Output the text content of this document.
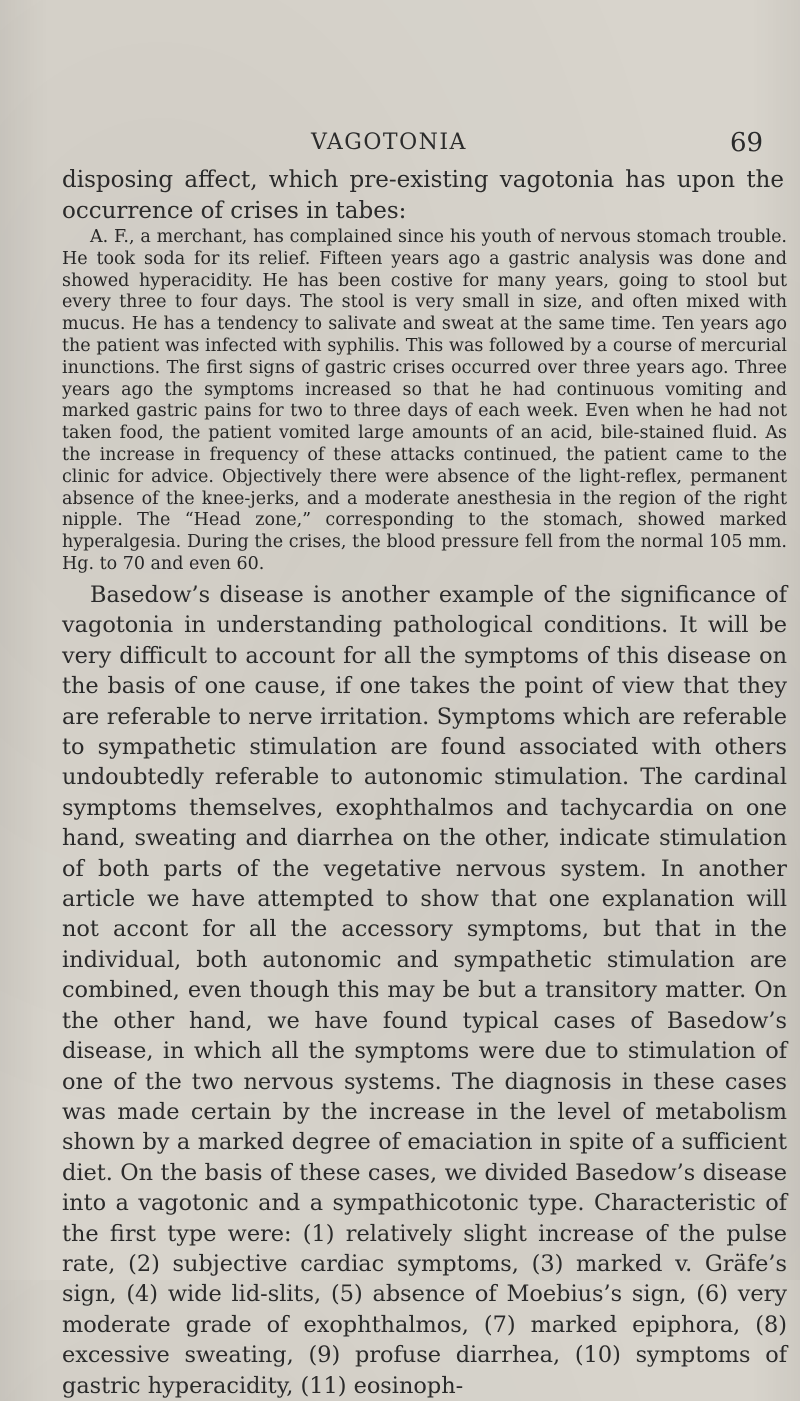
VAGOTONIA	69

disposing affect, which pre-existing vagotonia has upon the occurrence of crises in tabes:

A. F., a merchant, has complained since his youth of nervous stomach trouble. He took soda for its relief. Fifteen years ago a gastric analysis was done and showed hyperacidity. He has been costive for many years, going to stool but every three to four days. The stool is very small in size, and often mixed with mucus. He has a tendency to salivate and sweat at the same time. Ten years ago the patient was infected with syphilis. This was followed by a course of mercurial inunctions. The first signs of gastric crises occurred over three years ago. Three years ago the symptoms increased so that he had continuous vomiting and marked gastric pains for two to three days of each week. Even when he had not taken food, the patient vomited large amounts of an acid, bile-stained fluid. As the increase in frequency of these attacks continued, the patient came to the clinic for advice. Objectively there were absence of the light-reflex, permanent absence of the knee-jerks, and a moderate anesthesia in the region of the right nipple. The “Head zone,” corresponding to the stomach, showed marked hyperalgesia. During the crises, the blood pressure fell from the normal 105 mm. Hg. to 70 and even 60.

Basedow’s disease is another example of the significance of vagotonia in understanding pathological conditions. It will be very difficult to account for all the symptoms of this disease on the basis of one cause, if one takes the point of view that they are referable to nerve irritation. Symptoms which are referable to sympathetic stimulation are found associated with others undoubtedly referable to autonomic stimulation. The cardinal symptoms themselves, exophthalmos and tachycardia on one hand, sweating and diarrhea on the other, indicate stimulation of both parts of the vegetative nervous system. In another article we have attempted to show that one explanation will not accont for all the accessory symptoms, but that in the individual, both autonomic and sympathetic stimulation are combined, even though this may be but a transitory matter. On the other hand, we have found typical cases of Basedow’s disease, in which all the symptoms were due to stimulation of one of the two nervous systems. The diagnosis in these cases was made certain by the increase in the level of metabolism shown by a marked degree of emaciation in spite of a sufficient diet. On the basis of these cases, we divided Basedow’s disease into a vagotonic and a sympathicotonic type. Characteristic of the first type were: (1) relatively slight increase of the pulse rate, (2) subjective cardiac symptoms, (3) marked v. Gräfe’s sign, (4) wide lid-slits, (5) absence of Moebius’s sign, (6) very moderate grade of exophthalmos, (7) marked epiphora, (8) excessive sweating, (9) profuse diarrhea, (10) symptoms of gastric hyperacidity, (11) eosinoph-
